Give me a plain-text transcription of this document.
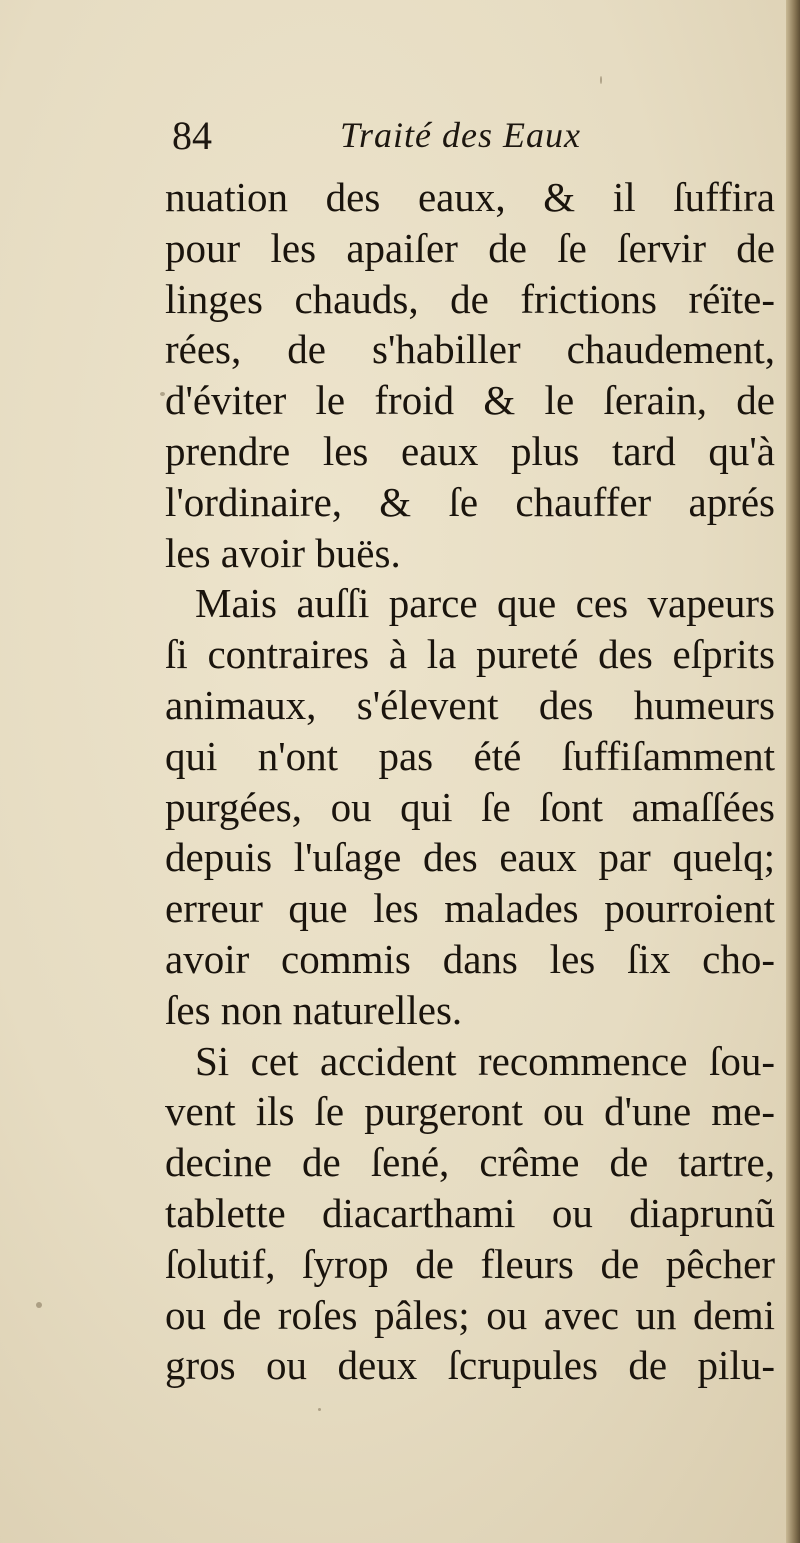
84	Traité des Eaux
nuation des eaux, & il ſuffira
pour les apaiſer de ſe ſervir de
linges chauds, de frictions réïte-
rées, de s'habiller chaudement,
d'éviter le froid & le ſerain, de
prendre les eaux plus tard qu'à
l'ordinaire, & ſe chauffer aprés
les avoir buës.
Mais auſſi parce que ces vapeurs
ſi contraires à la pureté des eſprits
animaux, s'élevent des humeurs
qui n'ont pas été ſuffiſamment
purgées, ou qui ſe ſont amaſſées
depuis l'uſage des eaux par quelq;
erreur que les malades pourroient
avoir commis dans les ſix cho-
ſes non naturelles.
Si cet accident recommence ſou-
vent ils ſe purgeront ou d'une me-
decine de ſené, crême de tartre,
tablette diacarthami ou diaprunũ
ſolutif, ſyrop de fleurs de pêcher
ou de roſes pâles; ou avec un demi
gros ou deux ſcrupules de pilu-
